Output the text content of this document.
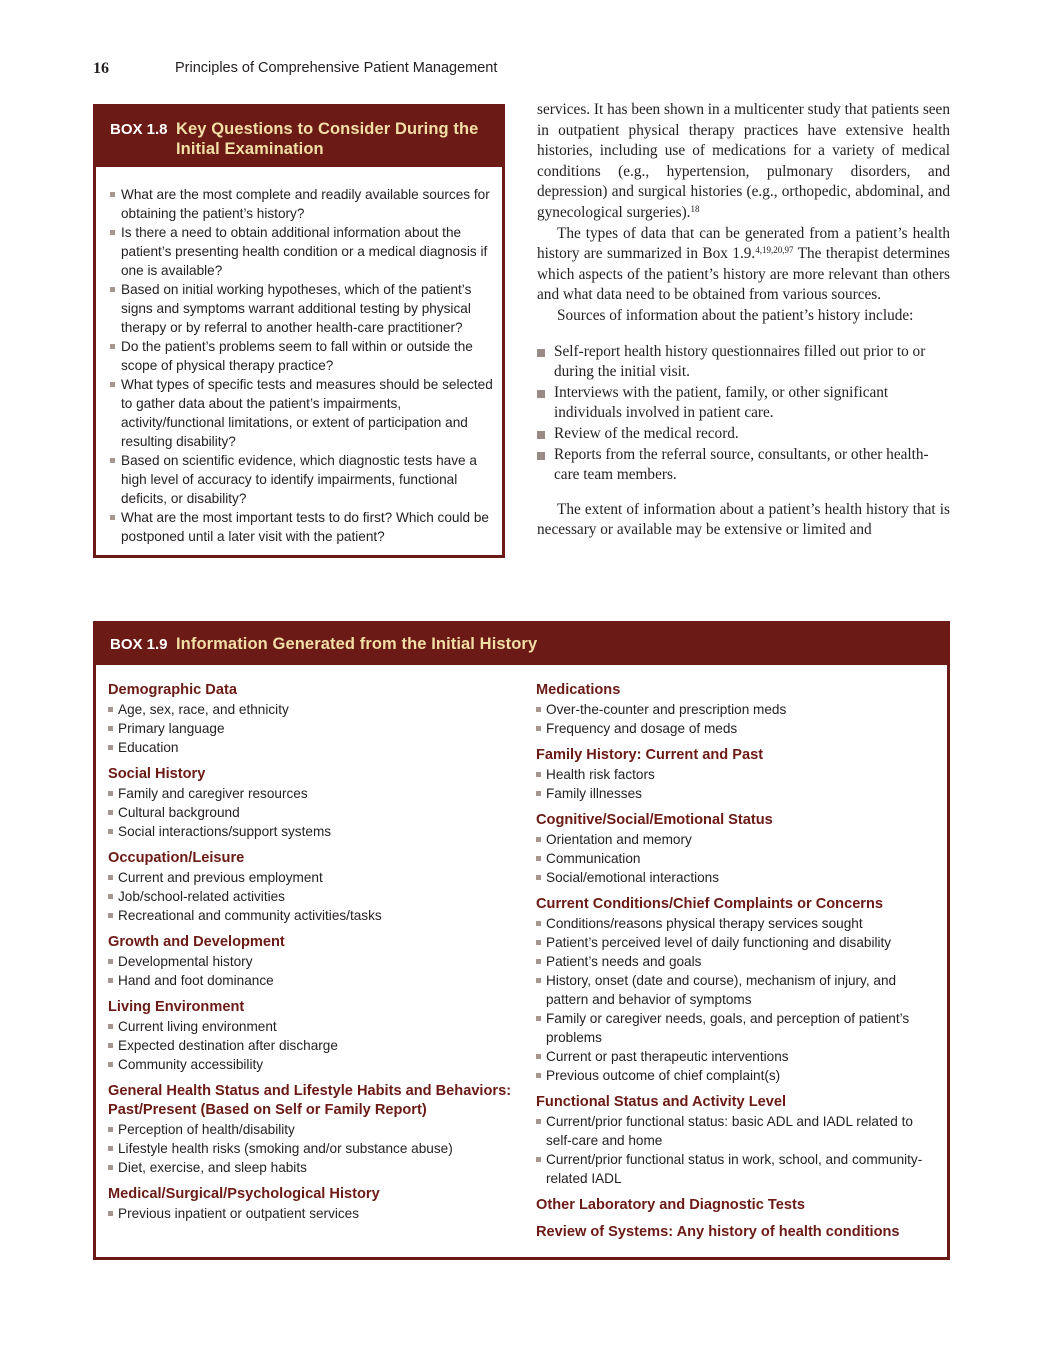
16	Principles of Comprehensive Patient Management
BOX 1.8 Key Questions to Consider During the Initial Examination
What are the most complete and readily available sources for obtaining the patient’s history?
Is there a need to obtain additional information about the patient’s presenting health condition or a medical diagnosis if one is available?
Based on initial working hypotheses, which of the patient’s signs and symptoms warrant additional testing by physical therapy or by referral to another health-care practitioner?
Do the patient’s problems seem to fall within or outside the scope of physical therapy practice?
What types of specific tests and measures should be selected to gather data about the patient’s impairments, activity/functional limitations, or extent of participation and resulting disability?
Based on scientific evidence, which diagnostic tests have a high level of accuracy to identify impairments, functional deficits, or disability?
What are the most important tests to do first? Which could be postponed until a later visit with the patient?

services. It has been shown in a multicenter study that patients seen in outpatient physical therapy practices have extensive health histories, including use of medications for a variety of medical conditions (e.g., hypertension, pulmonary disorders, and depression) and surgical histories (e.g., orthopedic, abdominal, and gynecological surgeries).$^{18}$

The types of data that can be generated from a patient’s health history are summarized in Box 1.9.$^{4,19,20,97}$ The therapist determines which aspects of the patient’s history are more relevant than others and what data need to be obtained from various sources.

Sources of information about the patient’s history include:

Self-report health history questionnaires filled out prior to or during the initial visit.
Interviews with the patient, family, or other significant individuals involved in patient care.
Review of the medical record.
Reports from the referral source, consultants, or other health-care team members.

The extent of information about a patient’s health history that is necessary or available may be extensive or limited and

BOX 1.9 Information Generated from the Initial History
Demographic Data
Age, sex, race, and ethnicity
Primary language
Education
Social History
Family and caregiver resources
Cultural background
Social interactions/support systems
Occupation/Leisure
Current and previous employment
Job/school-related activities
Recreational and community activities/tasks
Growth and Development
Developmental history
Hand and foot dominance
Living Environment
Current living environment
Expected destination after discharge
Community accessibility
General Health Status and Lifestyle Habits and Behaviors: Past/Present (Based on Self or Family Report)
Perception of health/disability
Lifestyle health risks (smoking and/or substance abuse)
Diet, exercise, and sleep habits
Medical/Surgical/Psychological History
Previous inpatient or outpatient services
Medications
Over-the-counter and prescription meds
Frequency and dosage of meds
Family History: Current and Past
Health risk factors
Family illnesses
Cognitive/Social/Emotional Status
Orientation and memory
Communication
Social/emotional interactions
Current Conditions/Chief Complaints or Concerns
Conditions/reasons physical therapy services sought
Patient’s perceived level of daily functioning and disability
Patient’s needs and goals
History, onset (date and course), mechanism of injury, and pattern and behavior of symptoms
Family or caregiver needs, goals, and perception of patient’s problems
Current or past therapeutic interventions
Previous outcome of chief complaint(s)
Functional Status and Activity Level
Current/prior functional status: basic ADL and IADL related to self-care and home
Current/prior functional status in work, school, and community-related IADL
Other Laboratory and Diagnostic Tests
Review of Systems: Any history of health conditions
